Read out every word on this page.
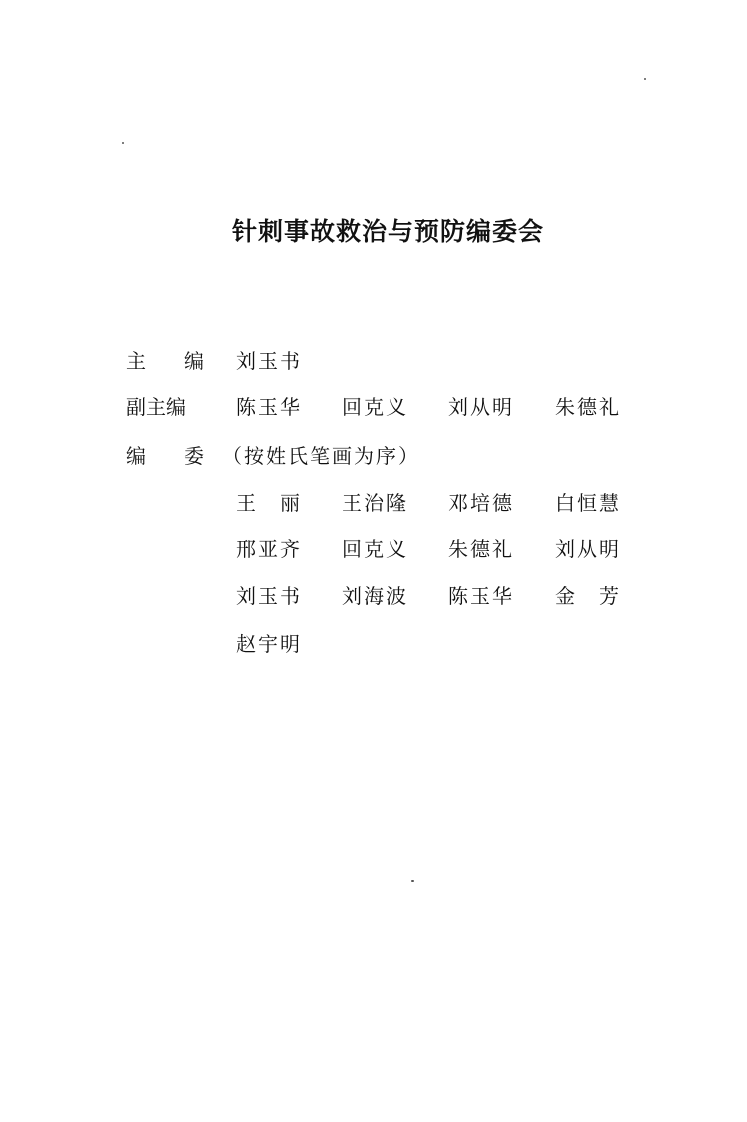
针刺事故救治与预防编委会
主 编 刘玉书
副主编	陈玉华 回克义 刘从明 朱德礼
编 委 （按姓氏笔画为序）
王　丽 王治隆 邓培德 白恒慧
邢亚齐 回克义 朱德礼 刘从明
刘玉书 刘海波 陈玉华 金　芳
赵宇明
